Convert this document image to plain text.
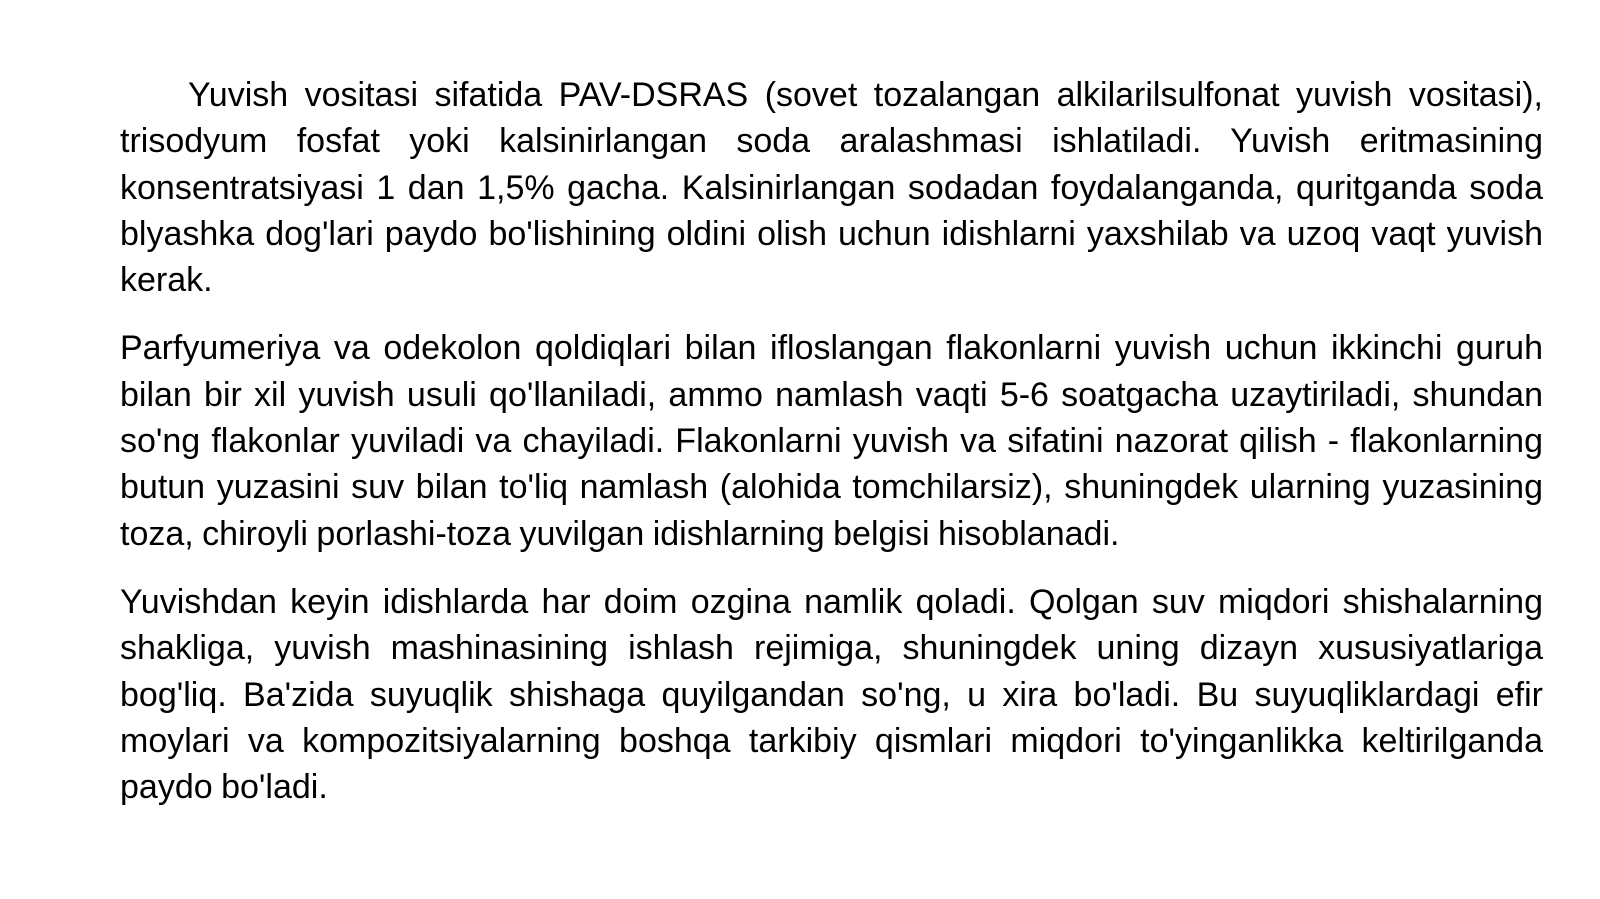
Yuvish vositasi sifatida PAV-DSRAS (sovet tozalangan alkilarilsulfonat yuvish vositasi), trisodyum fosfat yoki kalsinirlangan soda aralashmasi ishlatiladi. Yuvish eritmasining konsentratsiyasi 1 dan 1,5% gacha. Kalsinirlangan sodadan foydalanganda, quritganda soda blyashka dog'lari paydo bo'lishining oldini olish uchun idishlarni yaxshilab va uzoq vaqt yuvish kerak.

Parfyumeriya va odekolon qoldiqlari bilan ifloslangan flakonlarni yuvish uchun ikkinchi guruh bilan bir xil yuvish usuli qo'llaniladi, ammo namlash vaqti 5-6 soatgacha uzaytiriladi, shundan so'ng flakonlar yuviladi va chayiladi. Flakonlarni yuvish va sifatini nazorat qilish - flakonlarning butun yuzasini suv bilan to'liq namlash (alohida tomchilarsiz), shuningdek ularning yuzasining toza, chiroyli porlashi-toza yuvilgan idishlarning belgisi hisoblanadi.

Yuvishdan keyin idishlarda har doim ozgina namlik qoladi. Qolgan suv miqdori shishalarning shakliga, yuvish mashinasining ishlash rejimiga, shuningdek uning dizayn xususiyatlariga bog'liq. Ba'zida suyuqlik shishaga quyilgandan so'ng, u xira bo'ladi. Bu suyuqliklardagi efir moylari va kompozitsiyalarning boshqa tarkibiy qismlari miqdori to'yinganlikka keltirilganda paydo bo'ladi.
